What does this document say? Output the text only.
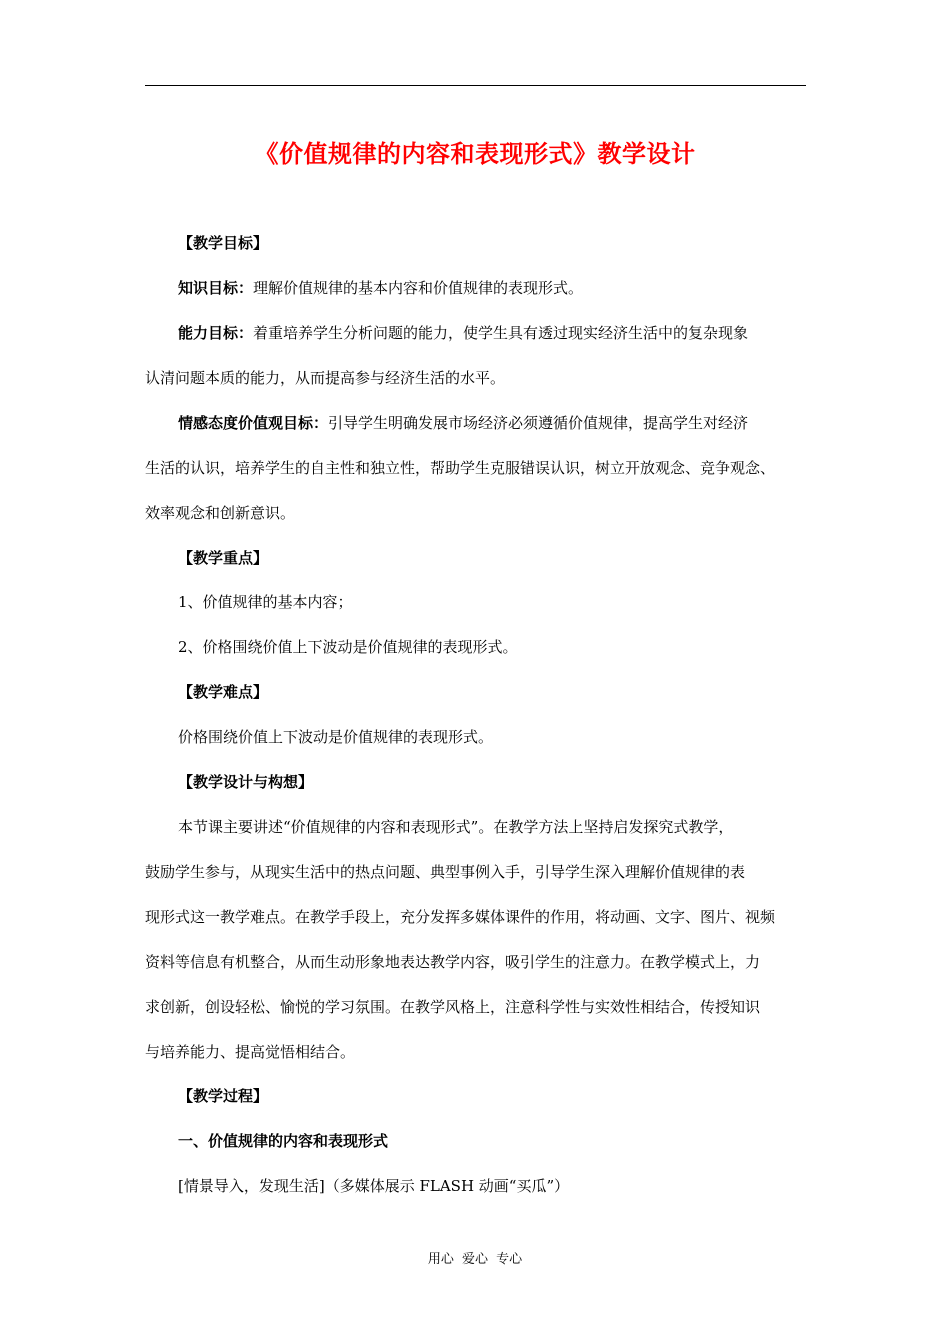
《价值规律的内容和表现形式》教学设计
【教学目标】
知识目标：理解价值规律的基本内容和价值规律的表现形式。
能力目标：着重培养学生分析问题的能力，使学生具有透过现实经济生活中的复杂现象
认清问题本质的能力，从而提高参与经济生活的水平。
情感态度价值观目标：引导学生明确发展市场经济必须遵循价值规律，提高学生对经济
生活的认识，培养学生的自主性和独立性，帮助学生克服错误认识，树立开放观念、竞争观念、
效率观念和创新意识。
【教学重点】
1、价值规律的基本内容；
2、价格围绕价值上下波动是价值规律的表现形式。
【教学难点】
价格围绕价值上下波动是价值规律的表现形式。
【教学设计与构想】
本节课主要讲述“价值规律的内容和表现形式”。在教学方法上坚持启发探究式教学，
鼓励学生参与，从现实生活中的热点问题、典型事例入手，引导学生深入理解价值规律的表
现形式这一教学难点。在教学手段上，充分发挥多媒体课件的作用，将动画、文字、图片、视频
资料等信息有机整合，从而生动形象地表达教学内容，吸引学生的注意力。在教学模式上，力
求创新，创设轻松、愉悦的学习氛围。在教学风格上，注意科学性与实效性相结合，传授知识
与培养能力、提高觉悟相结合。
【教学过程】
一、价值规律的内容和表现形式
[情景导入，发现生活]（多媒体展示 FLASH 动画“买瓜”）
用心 爱心 专心
